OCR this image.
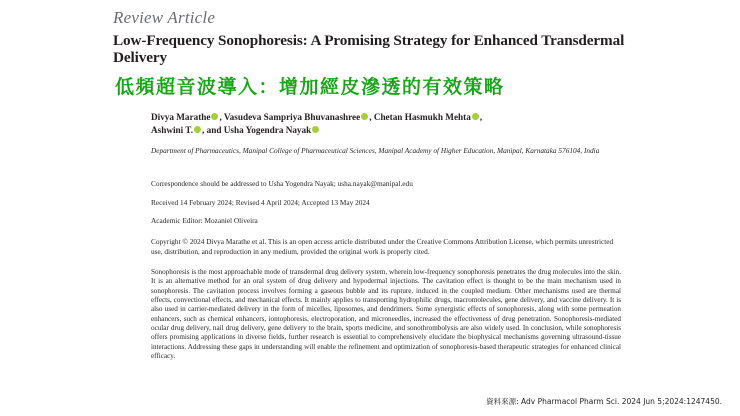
Review Article

Low-Frequency Sonophoresis: A Promising Strategy for Enhanced Transdermal Delivery
低頻超音波導入：增加經皮滲透的有效策略
Divya Marathe , Vasudeva Sampriya Bhuvanashree , Chetan Hasmukh Mehta ,
Ashwini T. , and Usha Yogendra Nayak
Department of Pharmaceutics, Manipal College of Pharmaceutical Sciences, Manipal Academy of Higher Education, Manipal, Karnataka 576104, India
Correspondence should be addressed to Usha Yogendra Nayak; usha.nayak@manipal.edu
Received 14 February 2024; Revised 4 April 2024; Accepted 13 May 2024
Academic Editor: Mozaniel Oliveira
Copyright © 2024 Divya Marathe et al. This is an open access article distributed under the Creative Commons Attribution License, which permits unrestricted use, distribution, and reproduction in any medium, provided the original work is properly cited.
Sonophoresis is the most approachable mode of transdermal drug delivery system, wherein low-frequency sonophoresis penetrates the drug molecules into the skin. It is an alternative method for an oral system of drug delivery and hypodermal injections. The cavitation effect is thought to be the main mechanism used in sonophoresis. The cavitation process involves forming a gaseous bubble and its rupture, induced in the coupled medium. Other mechanisms used are thermal effects, convectional effects, and mechanical effects. It mainly applies to transporting hydrophilic drugs, macromolecules, gene delivery, and vaccine delivery. It is also used in carrier-mediated delivery in the form of micelles, liposomes, and dendrimers. Some synergistic effects of sonophoresis, along with some permeation enhancers, such as chemical enhancers, iontophoresis, electroporation, and microneedles, increased the effectiveness of drug penetration. Sonophoresis-mediated ocular drug delivery, nail drug delivery, gene delivery to the brain, sports medicine, and sonothrombolysis are also widely used. In conclusion, while sonophoresis offers promising applications in diverse fields, further research is essential to comprehensively elucidate the biophysical mechanisms governing ultrasound-tissue interactions. Addressing these gaps in understanding will enable the refinement and optimization of sonophoresis-based therapeutic strategies for enhanced clinical efficacy.
資料來源: Adv Pharmacol Pharm Sci. 2024 Jun 5;2024:1247450.
